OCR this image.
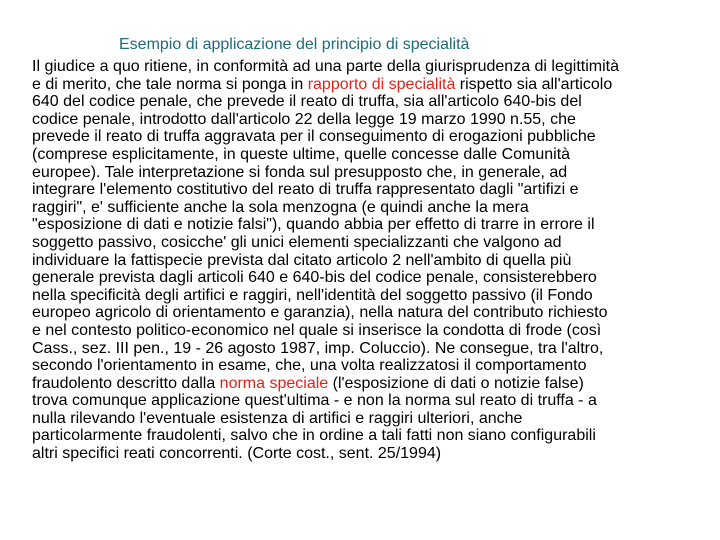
Esempio di applicazione del principio di specialità
Il giudice a quo ritiene, in conformità ad una parte della giurisprudenza di legittimità
e di merito, che tale norma si ponga in rapporto di specialità rispetto sia all'articolo
640 del codice penale, che prevede il reato di truffa, sia all'articolo 640-bis del
codice penale, introdotto dall'articolo 22 della legge 19 marzo 1990 n.55, che
prevede il reato di truffa aggravata per il conseguimento di erogazioni pubbliche
(comprese esplicitamente, in queste ultime, quelle concesse dalle Comunità
europee). Tale interpretazione si fonda sul presupposto che, in generale, ad
integrare l'elemento costitutivo del reato di truffa rappresentato dagli "artifizi e
raggiri", e' sufficiente anche la sola menzogna (e quindi anche la mera
"esposizione di dati e notizie falsi"), quando abbia per effetto di trarre in errore il
soggetto passivo, cosicche' gli unici elementi specializzanti che valgono ad
individuare la fattispecie prevista dal citato articolo 2 nell'ambito di quella più
generale prevista dagli articoli 640 e 640-bis del codice penale, consisterebbero
nella specificità degli artifici e raggiri, nell'identità del soggetto passivo (il Fondo
europeo agricolo di orientamento e garanzia), nella natura del contributo richiesto
e nel contesto politico-economico nel quale si inserisce la condotta di frode (così
Cass., sez. III pen., 19 - 26 agosto 1987, imp. Coluccio). Ne consegue, tra l'altro,
secondo l'orientamento in esame, che, una volta realizzatosi il comportamento
fraudolento descritto dalla norma speciale (l'esposizione di dati o notizie false)
trova comunque applicazione quest'ultima - e non la norma sul reato di truffa - a
nulla rilevando l'eventuale esistenza di artifici e raggiri ulteriori, anche
particolarmente fraudolenti, salvo che in ordine a tali fatti non siano configurabili
altri specifici reati concorrenti. (Corte cost., sent. 25/1994)
